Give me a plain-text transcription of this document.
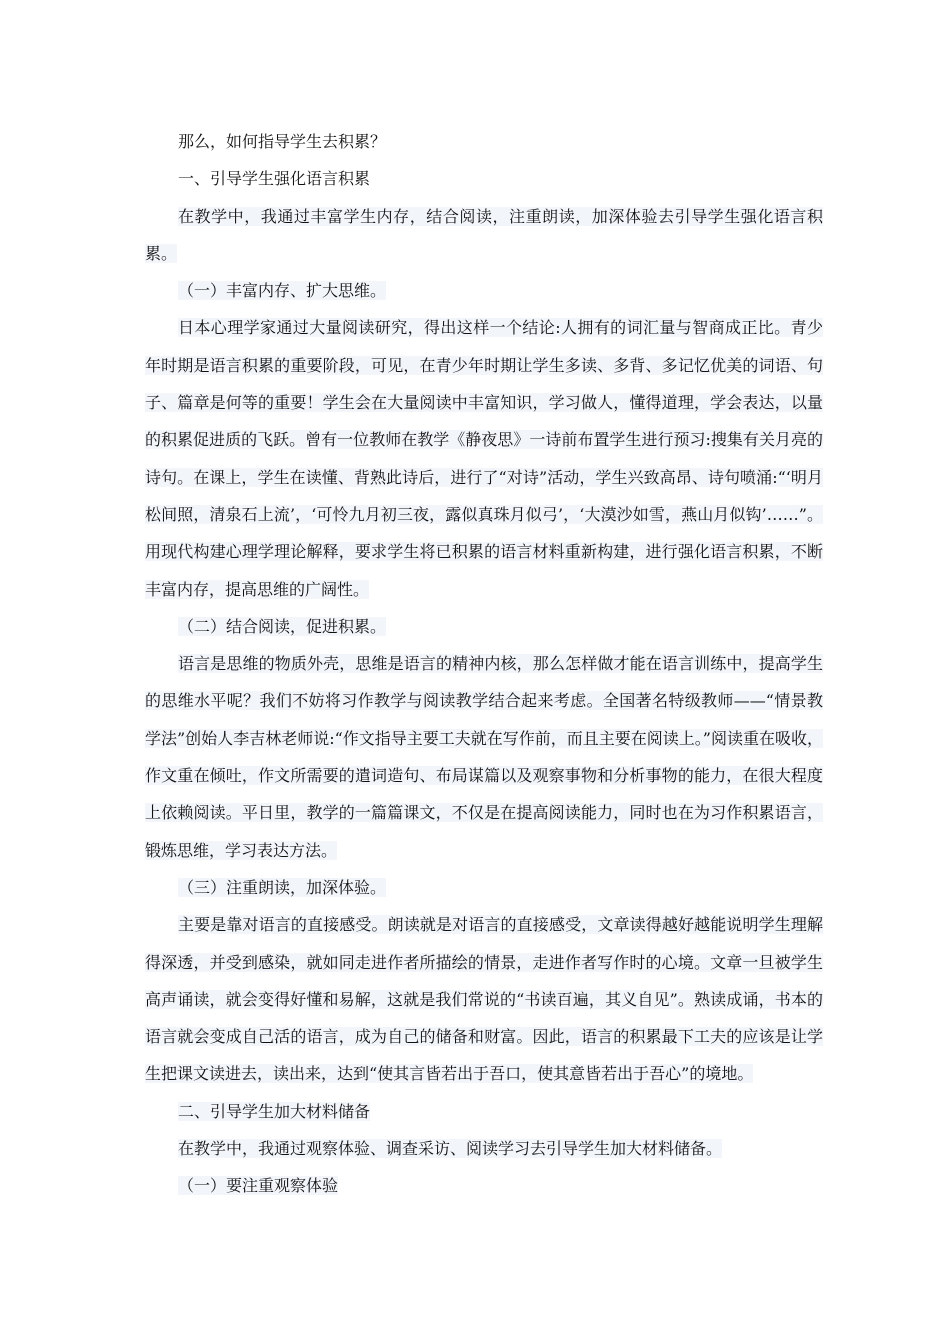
那么，如何指导学生去积累？

一、引导学生强化语言积累

在教学中，我通过丰富学生内存，结合阅读，注重朗读，加深体验去引导学生强化语言积累。

（一）丰富内存、扩大思维。

日本心理学家通过大量阅读研究，得出这样一个结论:人拥有的词汇量与智商成正比。青少年时期是语言积累的重要阶段，可见，在青少年时期让学生多读、多背、多记忆优美的词语、句子、篇章是何等的重要！学生会在大量阅读中丰富知识，学习做人，懂得道理，学会表达，以量的积累促进质的飞跃。曾有一位教师在教学《静夜思》一诗前布置学生进行预习:搜集有关月亮的诗句。在课上，学生在读懂、背熟此诗后，进行了“对诗”活动，学生兴致高昂、诗句喷涌:“‘明月松间照，清泉石上流’，‘可怜九月初三夜，露似真珠月似弓’，‘大漠沙如雪，燕山月似钩’……”。用现代构建心理学理论解释，要求学生将已积累的语言材料重新构建，进行强化语言积累，不断丰富内存，提高思维的广阔性。

（二）结合阅读，促进积累。

语言是思维的物质外壳，思维是语言的精神内核，那么怎样做才能在语言训练中，提高学生的思维水平呢？我们不妨将习作教学与阅读教学结合起来考虑。全国著名特级教师——“情景教学法”创始人李吉林老师说:“作文指导主要工夫就在写作前，而且主要在阅读上。”阅读重在吸收，作文重在倾吐，作文所需要的遣词造句、布局谋篇以及观察事物和分析事物的能力，在很大程度上依赖阅读。平日里，教学的一篇篇课文，不仅是在提高阅读能力，同时也在为习作积累语言，锻炼思维，学习表达方法。

（三）注重朗读，加深体验。

主要是靠对语言的直接感受。朗读就是对语言的直接感受，文章读得越好越能说明学生理解得深透，并受到感染，就如同走进作者所描绘的情景，走进作者写作时的心境。文章一旦被学生高声诵读，就会变得好懂和易解，这就是我们常说的“书读百遍，其义自见”。熟读成诵，书本的语言就会变成自己活的语言，成为自己的储备和财富。因此，语言的积累最下工夫的应该是让学生把课文读进去，读出来，达到“使其言皆若出于吾口，使其意皆若出于吾心”的境地。

二、引导学生加大材料储备

在教学中，我通过观察体验、调查采访、阅读学习去引导学生加大材料储备。

（一）要注重观察体验
